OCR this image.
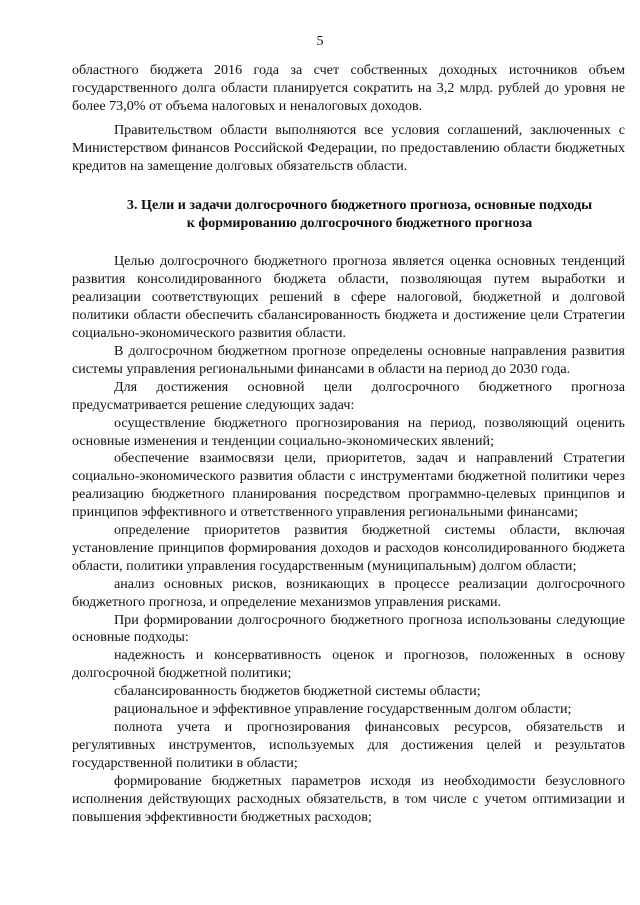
5

областного бюджета 2016 года за счет собственных доходных источников объем государственного долга области планируется сократить на 3,2 млрд. рублей до уровня не более 73,0% от объема налоговых и неналоговых доходов.

Правительством области выполняются все условия соглашений, заключенных с Министерством финансов Российской Федерации, по предоставлению области бюджетных кредитов на замещение долговых обязательств области.

3. Цели и задачи долгосрочного бюджетного прогноза, основные подходы
к формированию долгосрочного бюджетного прогноза

Целью долгосрочного бюджетного прогноза является оценка основных тенденций развития консолидированного бюджета области, позволяющая путем выработки и реализации соответствующих решений в сфере налоговой, бюджетной и долговой политики области обеспечить сбалансированность бюджета и достижение цели Стратегии социально-экономического развития области.

В долгосрочном бюджетном прогнозе определены основные направления развития системы управления региональными финансами в области на период до 2030 года.

Для достижения основной цели долгосрочного бюджетного прогноза предусматривается решение следующих задач:

осуществление бюджетного прогнозирования на период, позволяющий оценить основные изменения и тенденции социально-экономических явлений;

обеспечение взаимосвязи цели, приоритетов, задач и направлений Стратегии социально-экономического развития области с инструментами бюджетной политики через реализацию бюджетного планирования посредством программно-целевых принципов и принципов эффективного и ответственного управления региональными финансами;

определение приоритетов развития бюджетной системы области, включая установление принципов формирования доходов и расходов консолидированного бюджета области, политики управления государственным (муниципальным) долгом области;

анализ основных рисков, возникающих в процессе реализации долгосрочного бюджетного прогноза, и определение механизмов управления рисками.

При формировании долгосрочного бюджетного прогноза использованы следующие основные подходы:

надежность и консервативность оценок и прогнозов, положенных в основу долгосрочной бюджетной политики;

сбалансированность бюджетов бюджетной системы области;

рациональное и эффективное управление государственным долгом области;

полнота учета и прогнозирования финансовых ресурсов, обязательств и регулятивных инструментов, используемых для достижения целей и результатов государственной политики в области;

формирование бюджетных параметров исходя из необходимости безусловного исполнения действующих расходных обязательств, в том числе с учетом оптимизации и повышения эффективности бюджетных расходов;
